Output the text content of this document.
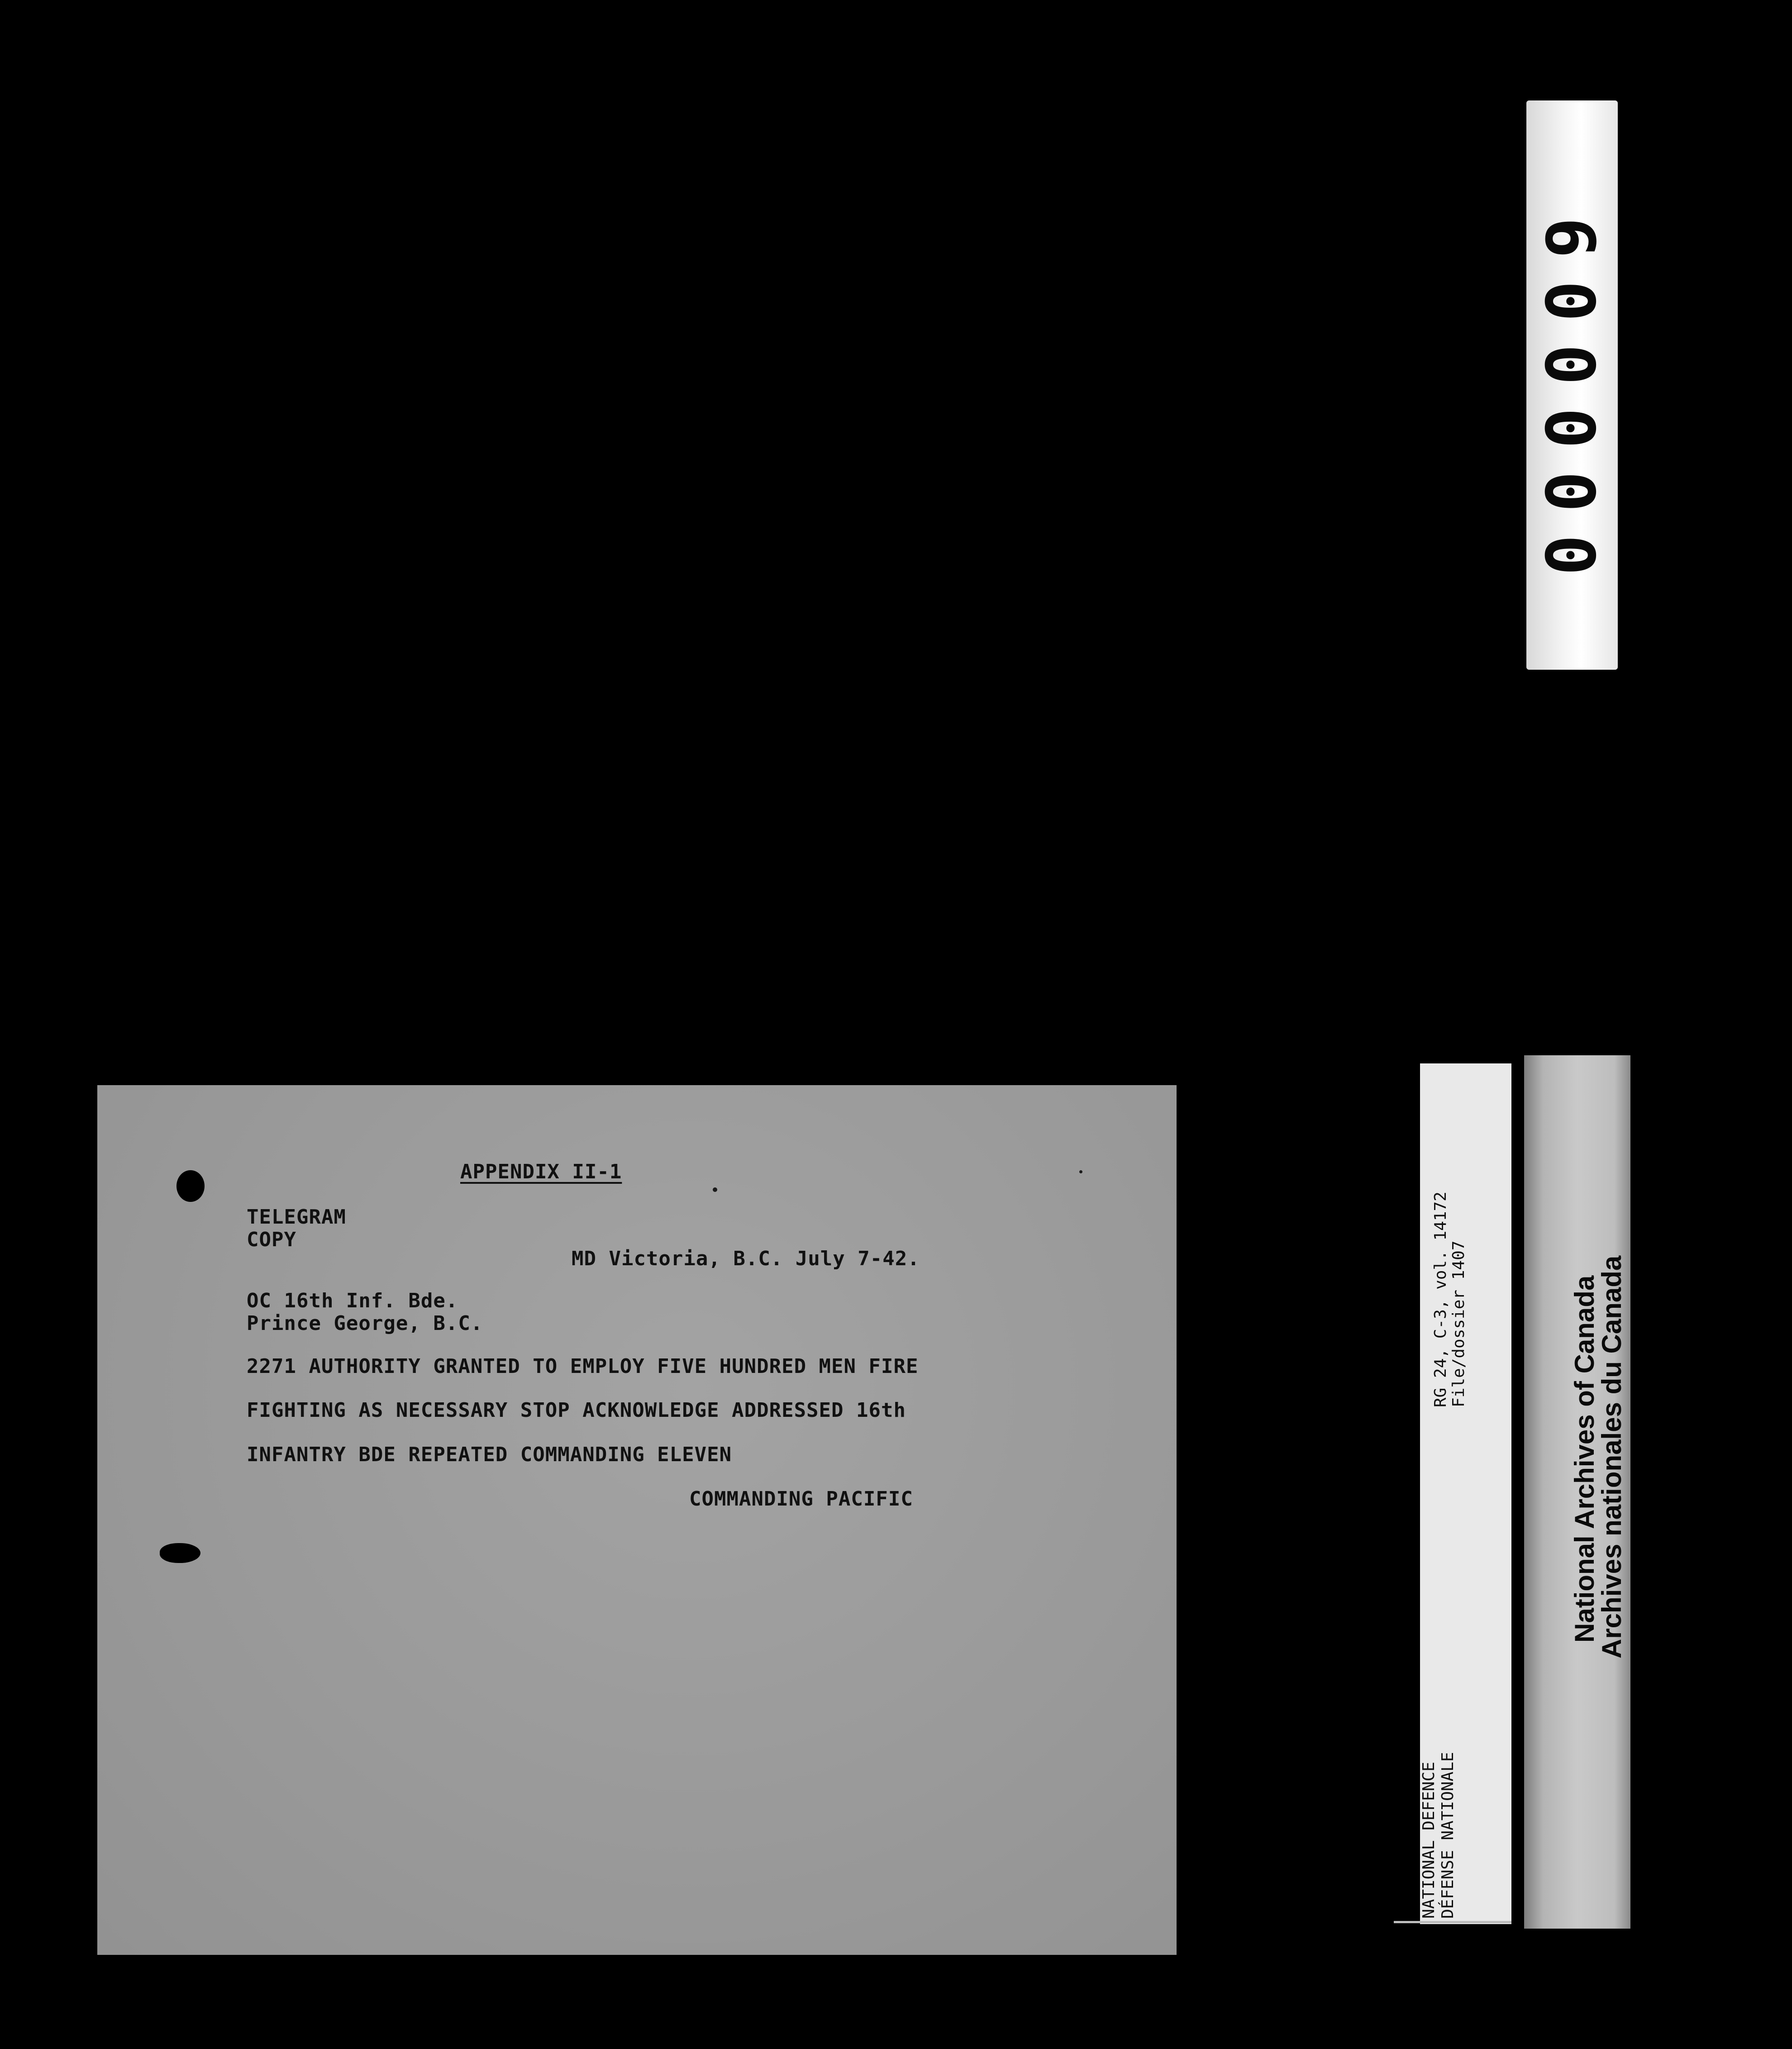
APPENDIX II-1
TELEGRAM
COPY
MD Victoria, B.C. July 7-42.
OC 16th Inf. Bde.
Prince George, B.C.
2271 AUTHORITY GRANTED TO EMPLOY FIVE HUNDRED MEN FIRE
FIGHTING AS NECESSARY STOP ACKNOWLEDGE ADDRESSED 16th
INFANTRY BDE REPEATED COMMANDING ELEVEN
COMMANDING PACIFIC
000009
NATIONAL DEFENCE DÉFENSE NATIONALE
RG 24, C-3, vol. 14172 File/dossier 1407	National Archives of Canada
Archives nationales du Canada
